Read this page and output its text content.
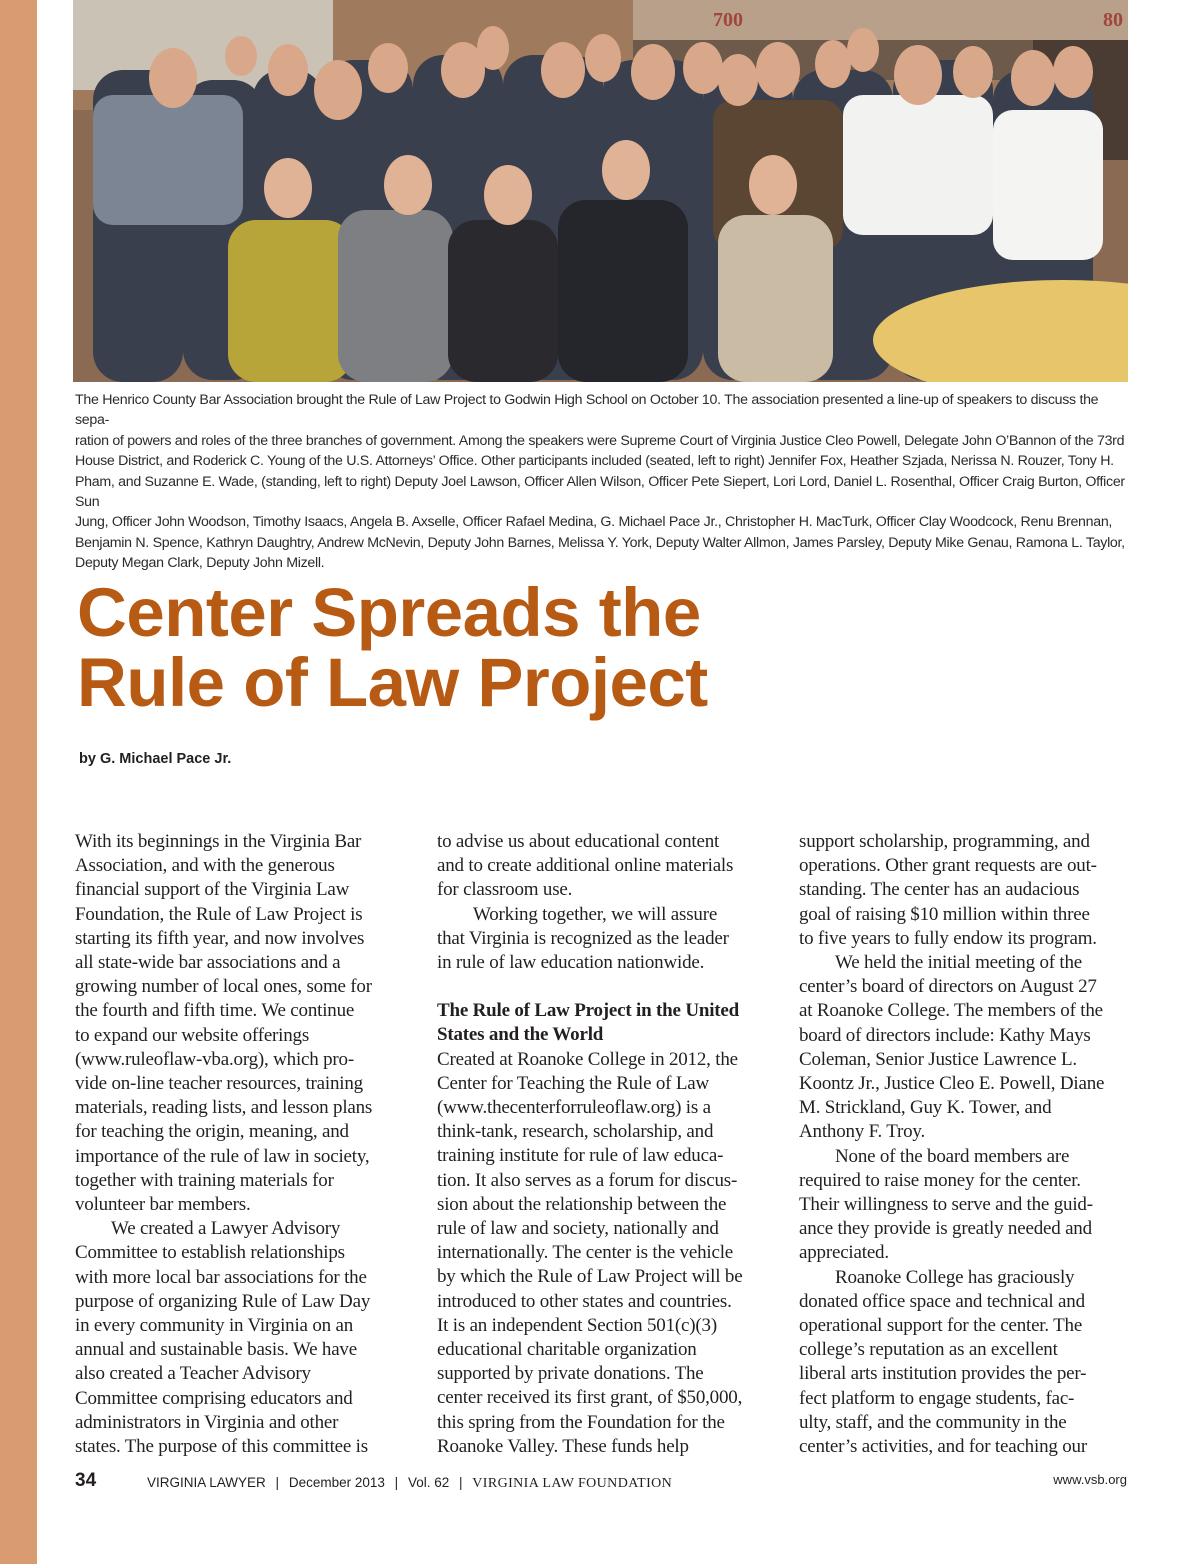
700	80
The Henrico County Bar Association brought the Rule of Law Project to Godwin High School on October 10. The association presented a line-up of speakers to discuss the sepa-
ration of powers and roles of the three branches of government. Among the speakers were Supreme Court of Virginia Justice Cleo Powell, Delegate John O’Bannon of the 73rd
House District, and Roderick C. Young of the U.S. Attorneys’ Office. Other participants included (seated, left to right) Jennifer Fox, Heather Szjada, Nerissa N. Rouzer, Tony H.
Pham, and Suzanne E. Wade, (standing, left to right) Deputy Joel Lawson, Officer Allen Wilson, Officer Pete Siepert, Lori Lord, Daniel L. Rosenthal, Officer Craig Burton, Officer Sun
Jung, Officer John Woodson, Timothy Isaacs, Angela B. Axselle, Officer Rafael Medina, G. Michael Pace Jr., Christopher H. MacTurk, Officer Clay Woodcock, Renu Brennan,
Benjamin N. Spence, Kathryn Daughtry, Andrew McNevin, Deputy John Barnes, Melissa Y. York, Deputy Walter Allmon, James Parsley, Deputy Mike Genau, Ramona L. Taylor,
Deputy Megan Clark, Deputy John Mizell.
Center Spreads the
Rule of Law Project
by G. Michael Pace Jr.

With its beginnings in the Virginia Bar
Association, and with the generous
financial support of the Virginia Law
Foundation, the Rule of Law Project is
starting its fifth year, and now involves
all state-wide bar associations and a
growing number of local ones, some for
the fourth and fifth time. We continue
to expand our website offerings
(www.ruleoflaw-vba.org), which pro-
vide on-line teacher resources, training
materials, reading lists, and lesson plans
for teaching the origin, meaning, and
importance of the rule of law in society,
together with training materials for
volunteer bar members.

We created a Lawyer Advisory
Committee to establish relationships
with more local bar associations for the
purpose of organizing Rule of Law Day
in every community in Virginia on an
annual and sustainable basis. We have
also created a Teacher Advisory
Committee comprising educators and
administrators in Virginia and other
states. The purpose of this committee is

to advise us about educational content
and to create additional online materials
for classroom use.

Working together, we will assure
that Virginia is recognized as the leader
in rule of law education nationwide.

The Rule of Law Project in the United
States and the World

Created at Roanoke College in 2012, the
Center for Teaching the Rule of Law
(www.thecenterforruleoflaw.org) is a
think-tank, research, scholarship, and
training institute for rule of law educa-
tion. It also serves as a forum for discus-
sion about the relationship between the
rule of law and society, nationally and
internationally. The center is the vehicle
by which the Rule of Law Project will be
introduced to other states and countries.
It is an independent Section 501(c)(3)
educational charitable organization
supported by private donations. The
center received its first grant, of $50,000,
this spring from the Foundation for the
Roanoke Valley. These funds help

support scholarship, programming, and
operations. Other grant requests are out-
standing. The center has an audacious
goal of raising $10 million within three
to five years to fully endow its program.

We held the initial meeting of the
center’s board of directors on August 27
at Roanoke College. The members of the
board of directors include: Kathy Mays
Coleman, Senior Justice Lawrence L.
Koontz Jr., Justice Cleo E. Powell, Diane
M. Strickland, Guy K. Tower, and
Anthony F. Troy.

None of the board members are
required to raise money for the center.
Their willingness to serve and the guid-
ance they provide is greatly needed and
appreciated.

Roanoke College has graciously
donated office space and technical and
operational support for the center. The
college’s reputation as an excellent
liberal arts institution provides the per-
fect platform to engage students, fac-
ulty, staff, and the community in the
center’s activities, and for teaching our

34	VIRGINIA LAWYER | December 2013 | Vol. 62 | VIRGINIA LAW FOUNDATION	www.vsb.org
